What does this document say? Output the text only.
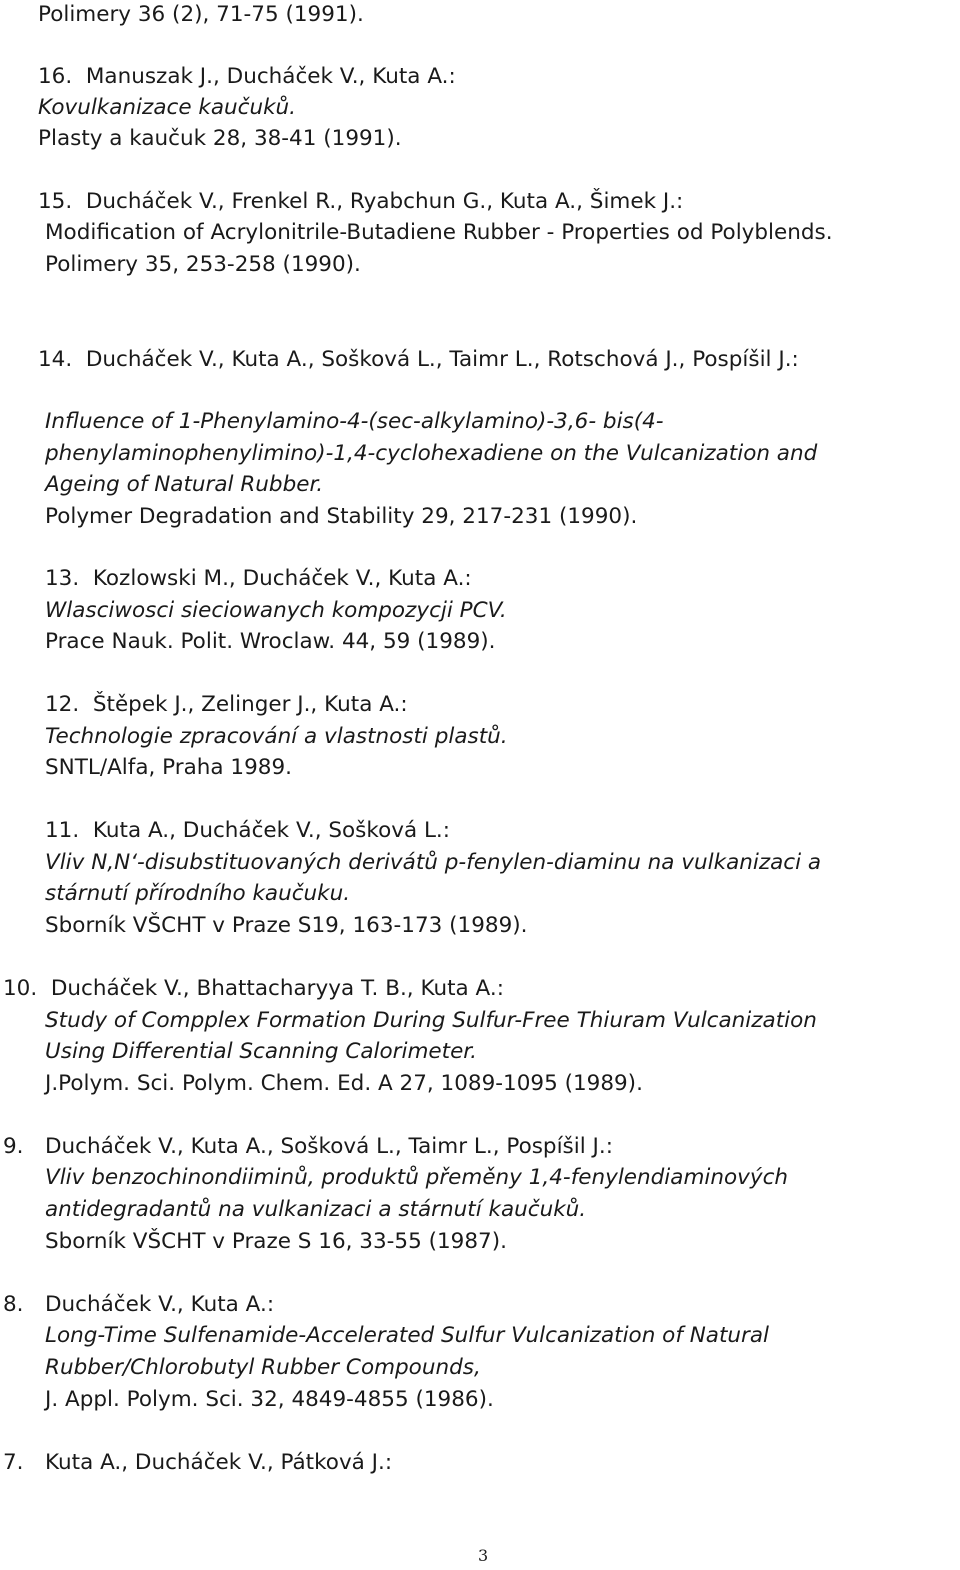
Polimery 36 (2), 71-75 (1991).
16. Manuszak J., Ducháček V., Kuta A.:
Kovulkanizace kaučuků.
Plasty a kaučuk 28, 38-41 (1991).
15. Ducháček V., Frenkel R., Ryabchun G., Kuta A., Šimek J.:
Modification of Acrylonitrile-Butadiene Rubber - Properties od Polyblends.
Polimery 35, 253-258 (1990).
14. Ducháček V., Kuta A., Sošková L., Taimr L., Rotschová J., Pospíšil J.:
Influence of 1-Phenylamino-4-(sec-alkylamino)-3,6- bis(4-
phenylaminophenylimino)-1,4-cyclohexadiene on the Vulcanization and
Ageing of Natural Rubber.
Polymer Degradation and Stability 29, 217-231 (1990).
13. Kozlowski M., Ducháček V., Kuta A.:
Wlasciwosci sieciowanych kompozycji PCV.
Prace Nauk. Polit. Wroclaw. 44, 59 (1989).
12. Štěpek J., Zelinger J., Kuta A.:
Technologie zpracování a vlastnosti plastů.
SNTL/Alfa, Praha 1989.
11. Kuta A., Ducháček V., Sošková L.:
Vliv N,N‘-disubstituovaných derivátů p-fenylen-diaminu na vulkanizaci a
stárnutí přírodního kaučuku.
Sborník VŠCHT v Praze S19, 163-173 (1989).
10. Ducháček V., Bhattacharyya T. B., Kuta A.:
Study of Compplex Formation During Sulfur-Free Thiuram Vulcanization
Using Differential Scanning Calorimeter.
J.Polym. Sci. Polym. Chem. Ed. A 27, 1089-1095 (1989).
9. Ducháček V., Kuta A., Sošková L., Taimr L., Pospíšil J.:
Vliv benzochinondiiminů, produktů přeměny 1,4-fenylendiaminových
antidegradantů na vulkanizaci a stárnutí kaučuků.
Sborník VŠCHT v Praze S 16, 33-55 (1987).
8. Ducháček V., Kuta A.:
Long-Time Sulfenamide-Accelerated Sulfur Vulcanization of Natural
Rubber/Chlorobutyl Rubber Compounds,
J. Appl. Polym. Sci. 32, 4849-4855 (1986).
7. Kuta A., Ducháček V., Pátková J.:
3
